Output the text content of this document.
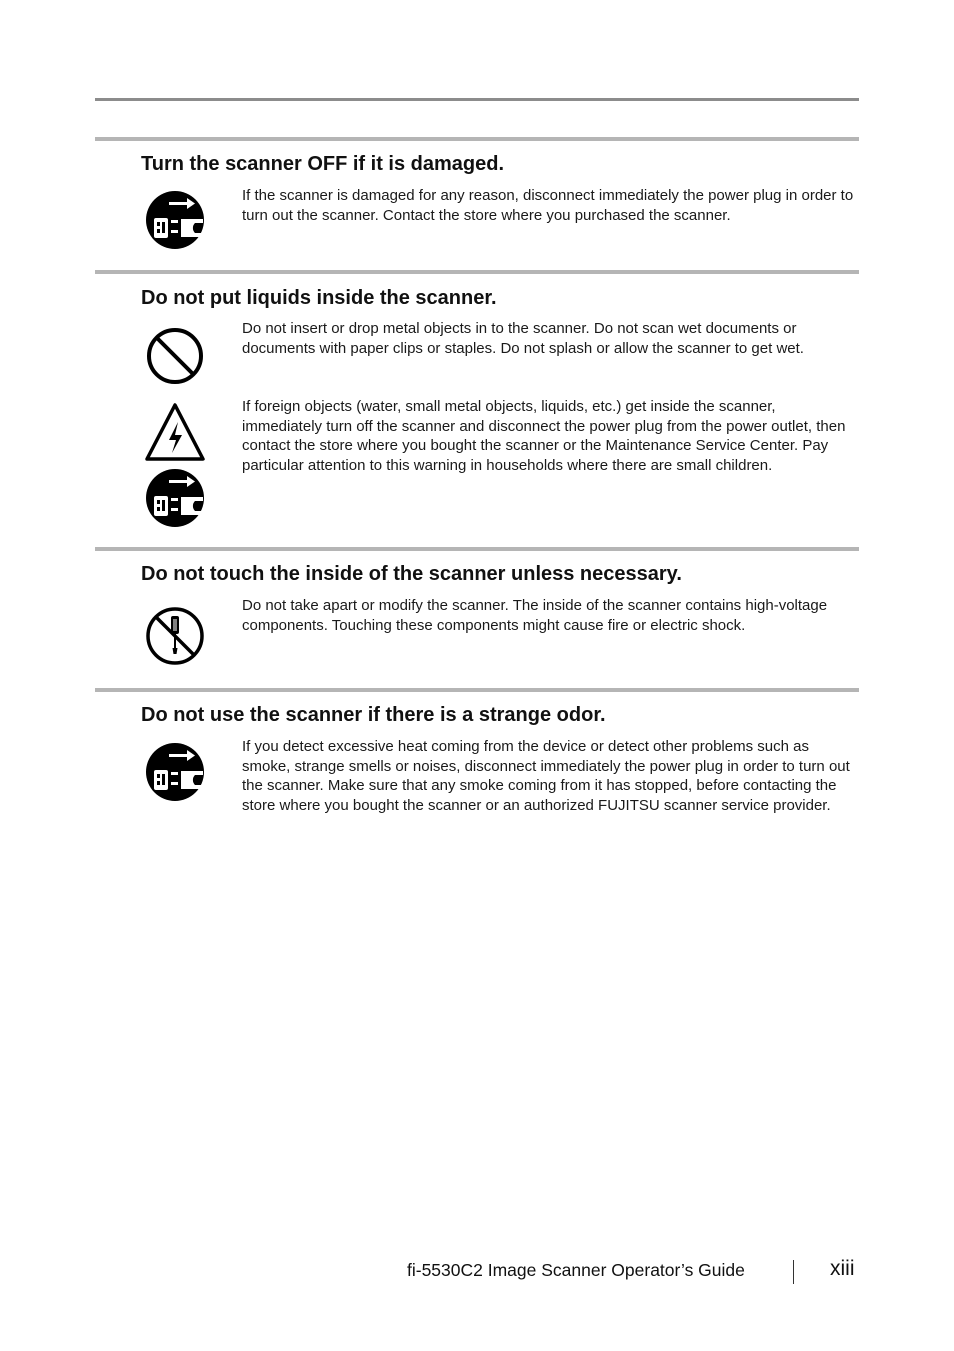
Turn the scanner OFF if it is damaged.

If the scanner is damaged for any reason, disconnect immediately the power plug in order to turn out the scanner. Contact the store where you purchased the scanner.

Do not put liquids inside the scanner.

Do not insert or drop metal objects in to the scanner. Do not scan wet documents or documents with paper clips or staples. Do not splash or allow the scanner to get wet.

If foreign objects (water, small metal objects, liquids, etc.) get inside the scanner, immediately turn off the scanner and disconnect the power plug from the power outlet, then contact the store where you bought the scanner or the Maintenance Service Center. Pay particular attention to this warning in households where there are small children.

Do not touch the inside of the scanner unless necessary.

Do not take apart or modify the scanner. The inside of the scanner contains high-voltage components. Touching these components might cause fire or electric shock.

Do not use the scanner if there is a strange odor.

If you detect excessive heat coming from the device or detect other problems such as smoke, strange smells or noises, disconnect immediately the power plug in order to turn out the scanner. Make sure that any smoke coming from it has stopped, before contacting the store where you bought the scanner or an authorized FUJITSU scanner service provider.

fi-5530C2 Image Scanner Operator’s Guide	xiii
